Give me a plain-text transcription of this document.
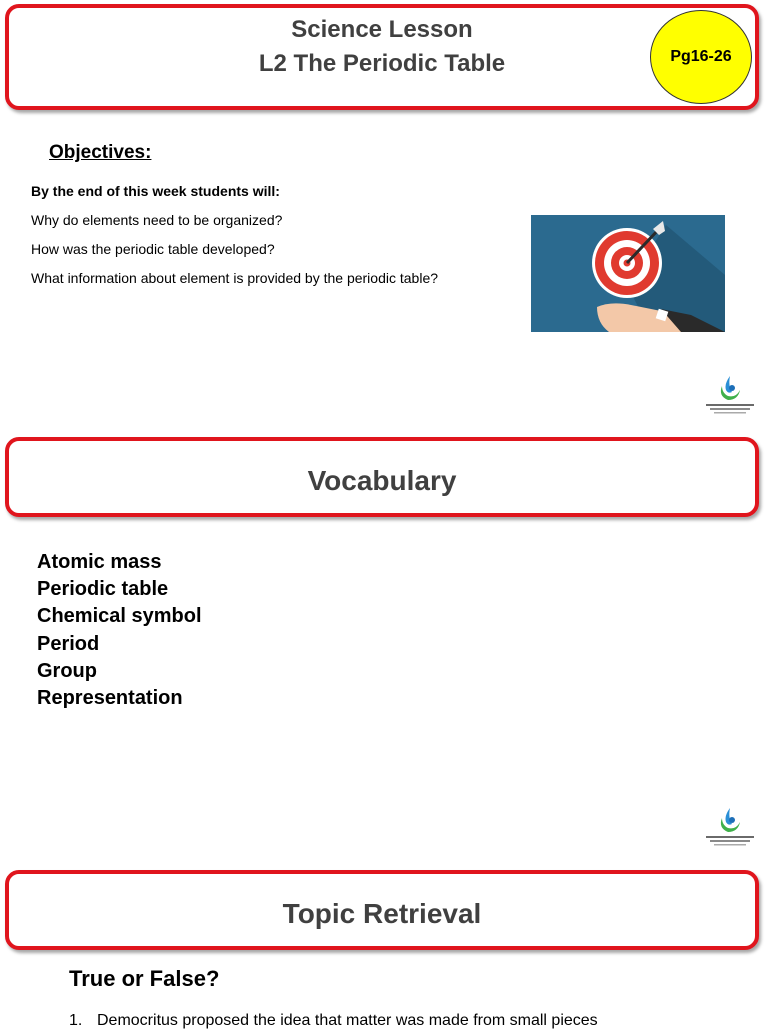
Science Lesson
L2 The Periodic Table	Pg16-26
Objectives:
By the end of this week students will:
Why do elements need to be organized?
How was the periodic table developed?
What information about element is provided by the periodic table?
Vocabulary
Atomic mass
Periodic table
Chemical symbol
Period
Group
Representation
Topic Retrieval
True or False?
1. Democritus proposed the idea that matter was made from small pieces
